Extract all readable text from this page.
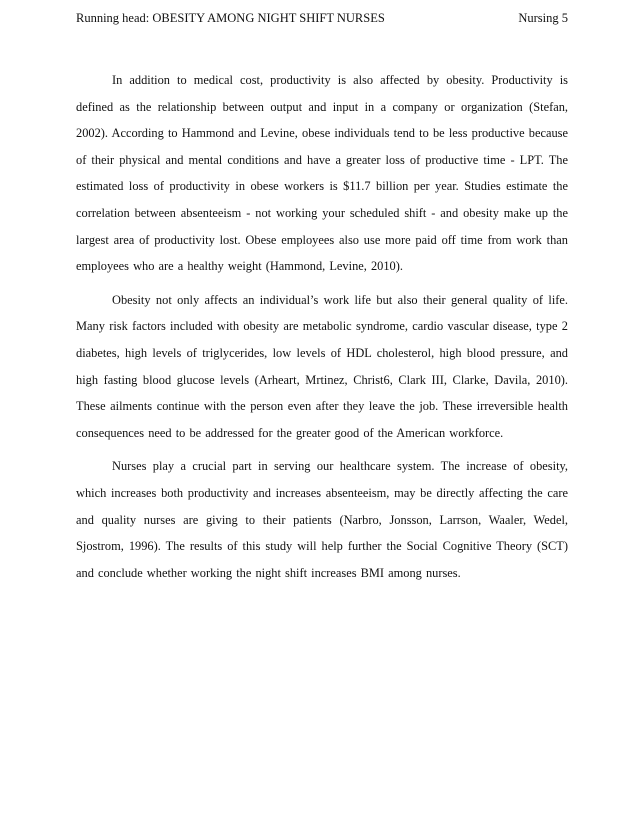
Running head: OBESITY AMONG NIGHT SHIFT NURSES	Nursing 5

In addition to medical cost, productivity is also affected by obesity. Productivity is
defined as the relationship between output and input in a company or organization (Stefan,
2002). According to Hammond and Levine, obese individuals tend to be less productive because
of their physical and mental conditions and have a greater loss of productive time - LPT. The
estimated loss of productivity in obese workers is $11.7 billion per year. Studies estimate the
correlation between absenteeism - not working your scheduled shift - and obesity make up the
largest area of productivity lost. Obese employees also use more paid off time from work than
employees who are a healthy weight (Hammond, Levine, 2010).

Obesity not only affects an individual’s work life but also their general quality of life.
Many risk factors included with obesity are metabolic syndrome, cardio vascular disease, type 2
diabetes, high levels of triglycerides, low levels of HDL cholesterol, high blood pressure, and
high fasting blood glucose levels (Arheart, Mrtinez, Christ6, Clark III, Clarke, Davila, 2010).
These ailments continue with the person even after they leave the job. These irreversible health
consequences need to be addressed for the greater good of the American workforce.

Nurses play a crucial part in serving our healthcare system. The increase of obesity,
which increases both productivity and increases absenteeism, may be directly affecting the care
and quality nurses are giving to their patients (Narbro, Jonsson, Larrson, Waaler, Wedel,
Sjostrom, 1996). The results of this study will help further the Social Cognitive Theory (SCT)
and conclude whether working the night shift increases BMI among nurses.
